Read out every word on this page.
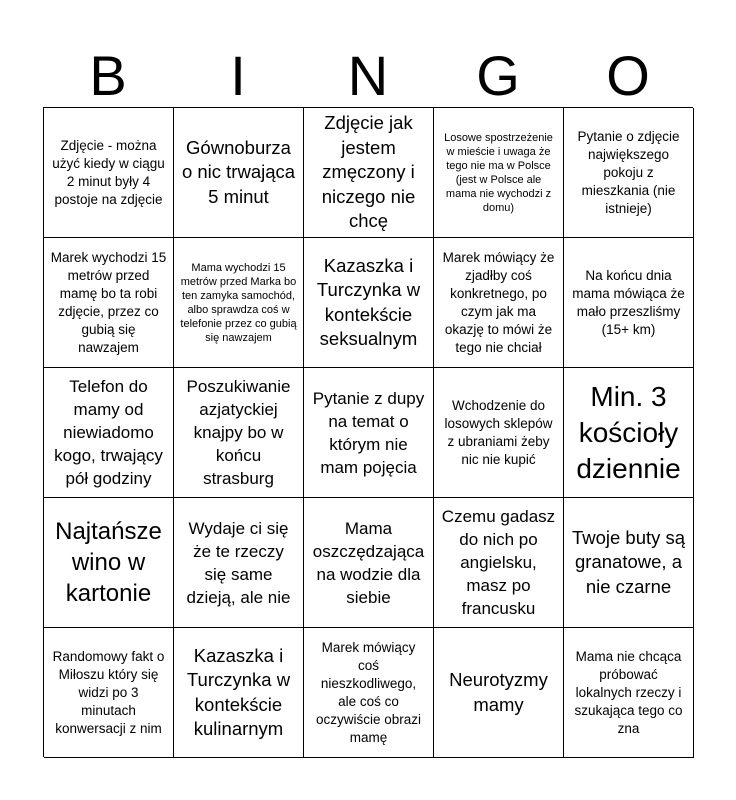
B	I	N	G	O
Zdjęcie - można użyć kiedy w ciągu 2 minut były 4 postoje na zdjęcie
Gównoburza o nic trwająca 5 minut
Zdjęcie jak jestem zmęczony i niczego nie chcę
Losowe spostrzeżenie w mieście i uwaga że tego nie ma w Polsce (jest w Polsce ale mama nie wychodzi z domu)
Pytanie o zdjęcie największego pokoju z mieszkania (nie istnieje)
Marek wychodzi 15 metrów przed mamę bo ta robi zdjęcie, przez co gubią się nawzajem
Mama wychodzi 15 metrów przed Marka bo ten zamyka samochód, albo sprawdza coś w telefonie przez co gubią się nawzajem
Kazaszka i Turczynka w kontekście seksualnym
Marek mówiący że zjadłby coś konkretnego, po czym jak ma okazję to mówi że tego nie chciał
Na końcu dnia mama mówiąca że mało przeszliśmy (15+ km)
Telefon do mamy od niewiadomo kogo, trwający pół godziny
Poszukiwanie azjatyckiej knajpy bo w końcu strasburg
Pytanie z dupy na temat o którym nie mam pojęcia
Wchodzenie do losowych sklepów z ubraniami żeby nic nie kupić
Min. 3 kościoły dziennie
Najtańsze wino w kartonie
Wydaje ci się że te rzeczy się same dzieją, ale nie
Mama oszczędzająca na wodzie dla siebie
Czemu gadasz do nich po angielsku, masz po francusku
Twoje buty są granatowe, a nie czarne
Randomowy fakt o Miłoszu który się widzi po 3 minutach konwersacji z nim
Kazaszka i Turczynka w kontekście kulinarnym
Marek mówiący coś nieszkodliwego, ale coś co oczywiście obrazi mamę
Neurotyzmy mamy
Mama nie chcąca próbować lokalnych rzeczy i szukająca tego co zna
